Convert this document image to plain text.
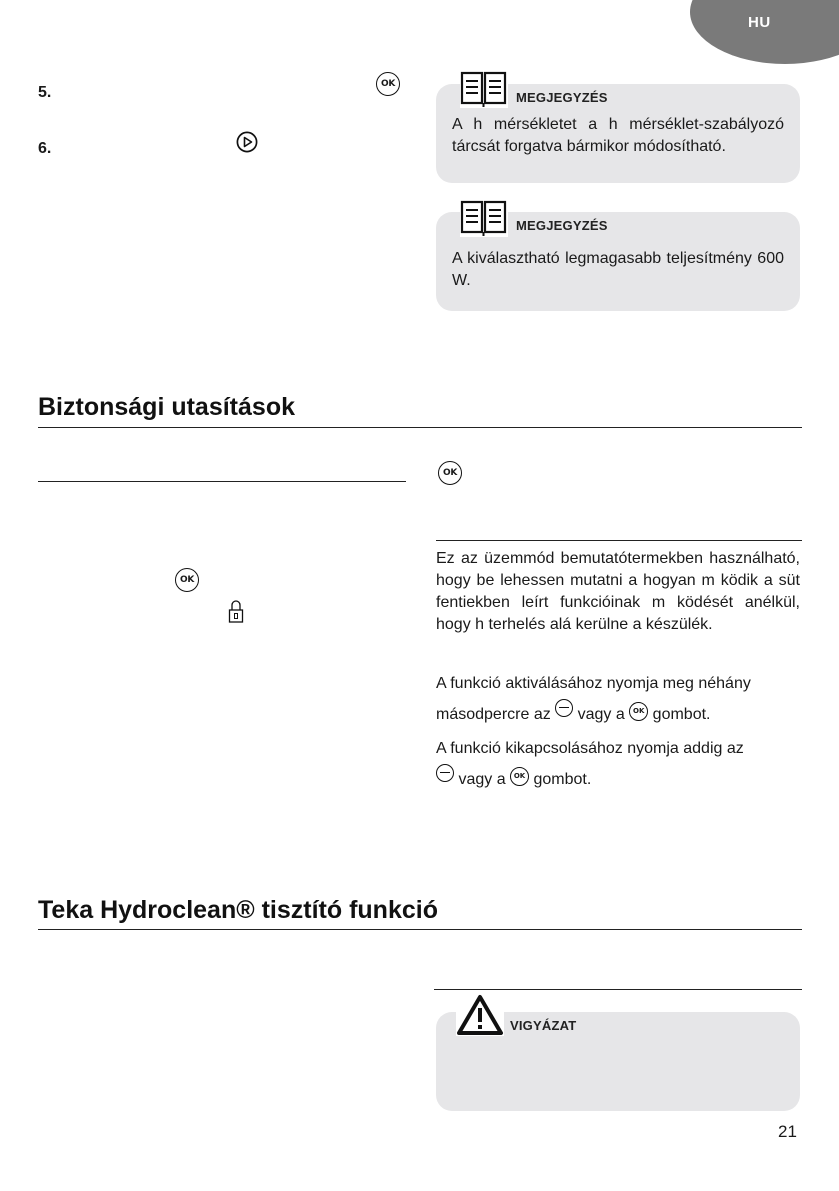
HU
5.	OK
6.
MEGJEGYZÉS
A h mérsékletet a h mérséklet-szabályozó tárcsát forgatva bármikor módosítható.
MEGJEGYZÉS
A kiválasztható legmagasabb teljesítmény 600 W.
Biztonsági utasítások
OK
OK
Ez az üzemmód bemutatótermekben használható, hogy be lehessen mutatni a hogyan m ködik a süt fentiekben leírt funkcióinak m ködését anélkül, hogy h terhelés alá kerülne a készülék.
A funkció aktiválásához nyomja meg néhány másodpercre az vagy a OK gombot.
A funkció kikapcsolásához nyomja addig az
vagy a OK gombot.
Teka Hydroclean® tisztító funkció
VIGYÁZAT
21
